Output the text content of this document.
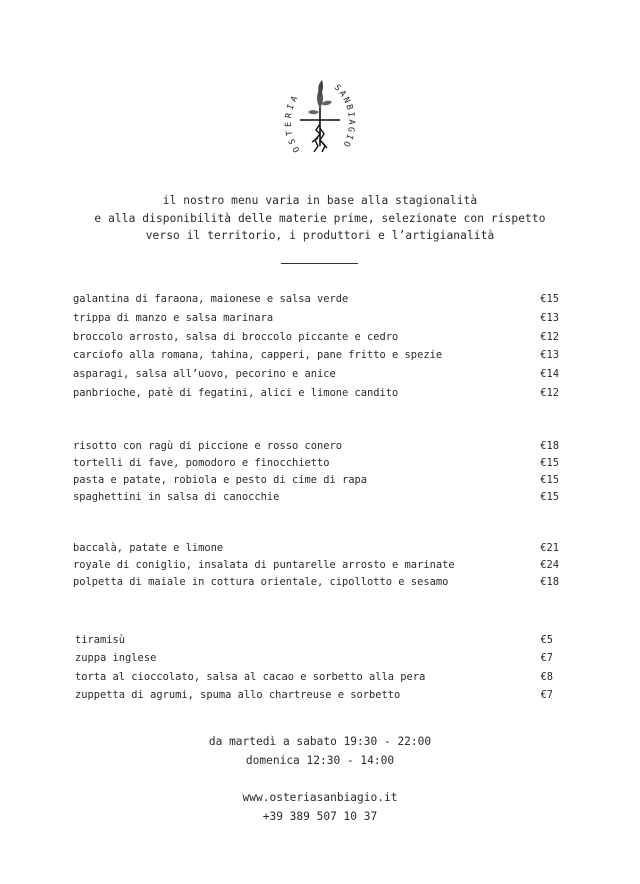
OSTERIA
SANBIAGIO
il nostro menu varia in base alla stagionalità
e alla disponibilità delle materie prime, selezionate con rispetto
verso il territorio, i produttori e l’artigianalità
galantina di faraona, maionese e salsa verde	€15
trippa di manzo e salsa marinara	€13
broccolo arrosto, salsa di broccolo piccante e cedro	€12
carciofo alla romana, tahina, capperi, pane fritto e spezie	€13
asparagi, salsa all’uovo, pecorino e anice	€14
panbrioche, patè di fegatini, alici e limone candito	€12
risotto con ragù di piccione e rosso conero	€18
tortelli di fave, pomodoro e finocchietto	€15
pasta e patate, robiola e pesto di cime di rapa	€15
spaghettini in salsa di canocchie	€15
baccalà, patate e limone	€21
royale di coniglio, insalata di puntarelle arrosto e marinate	€24
polpetta di maiale in cottura orientale, cipollotto e sesamo	€18
tiramisù	€5
zuppa inglese	€7
torta al cioccolato, salsa al cacao e sorbetto alla pera	€8
zuppetta di agrumi, spuma allo chartreuse e sorbetto	€7
da martedì a sabato 19:30 - 22:00
domenica 12:30 - 14:00
www.osteriasanbiagio.it
+39 389 507 10 37
